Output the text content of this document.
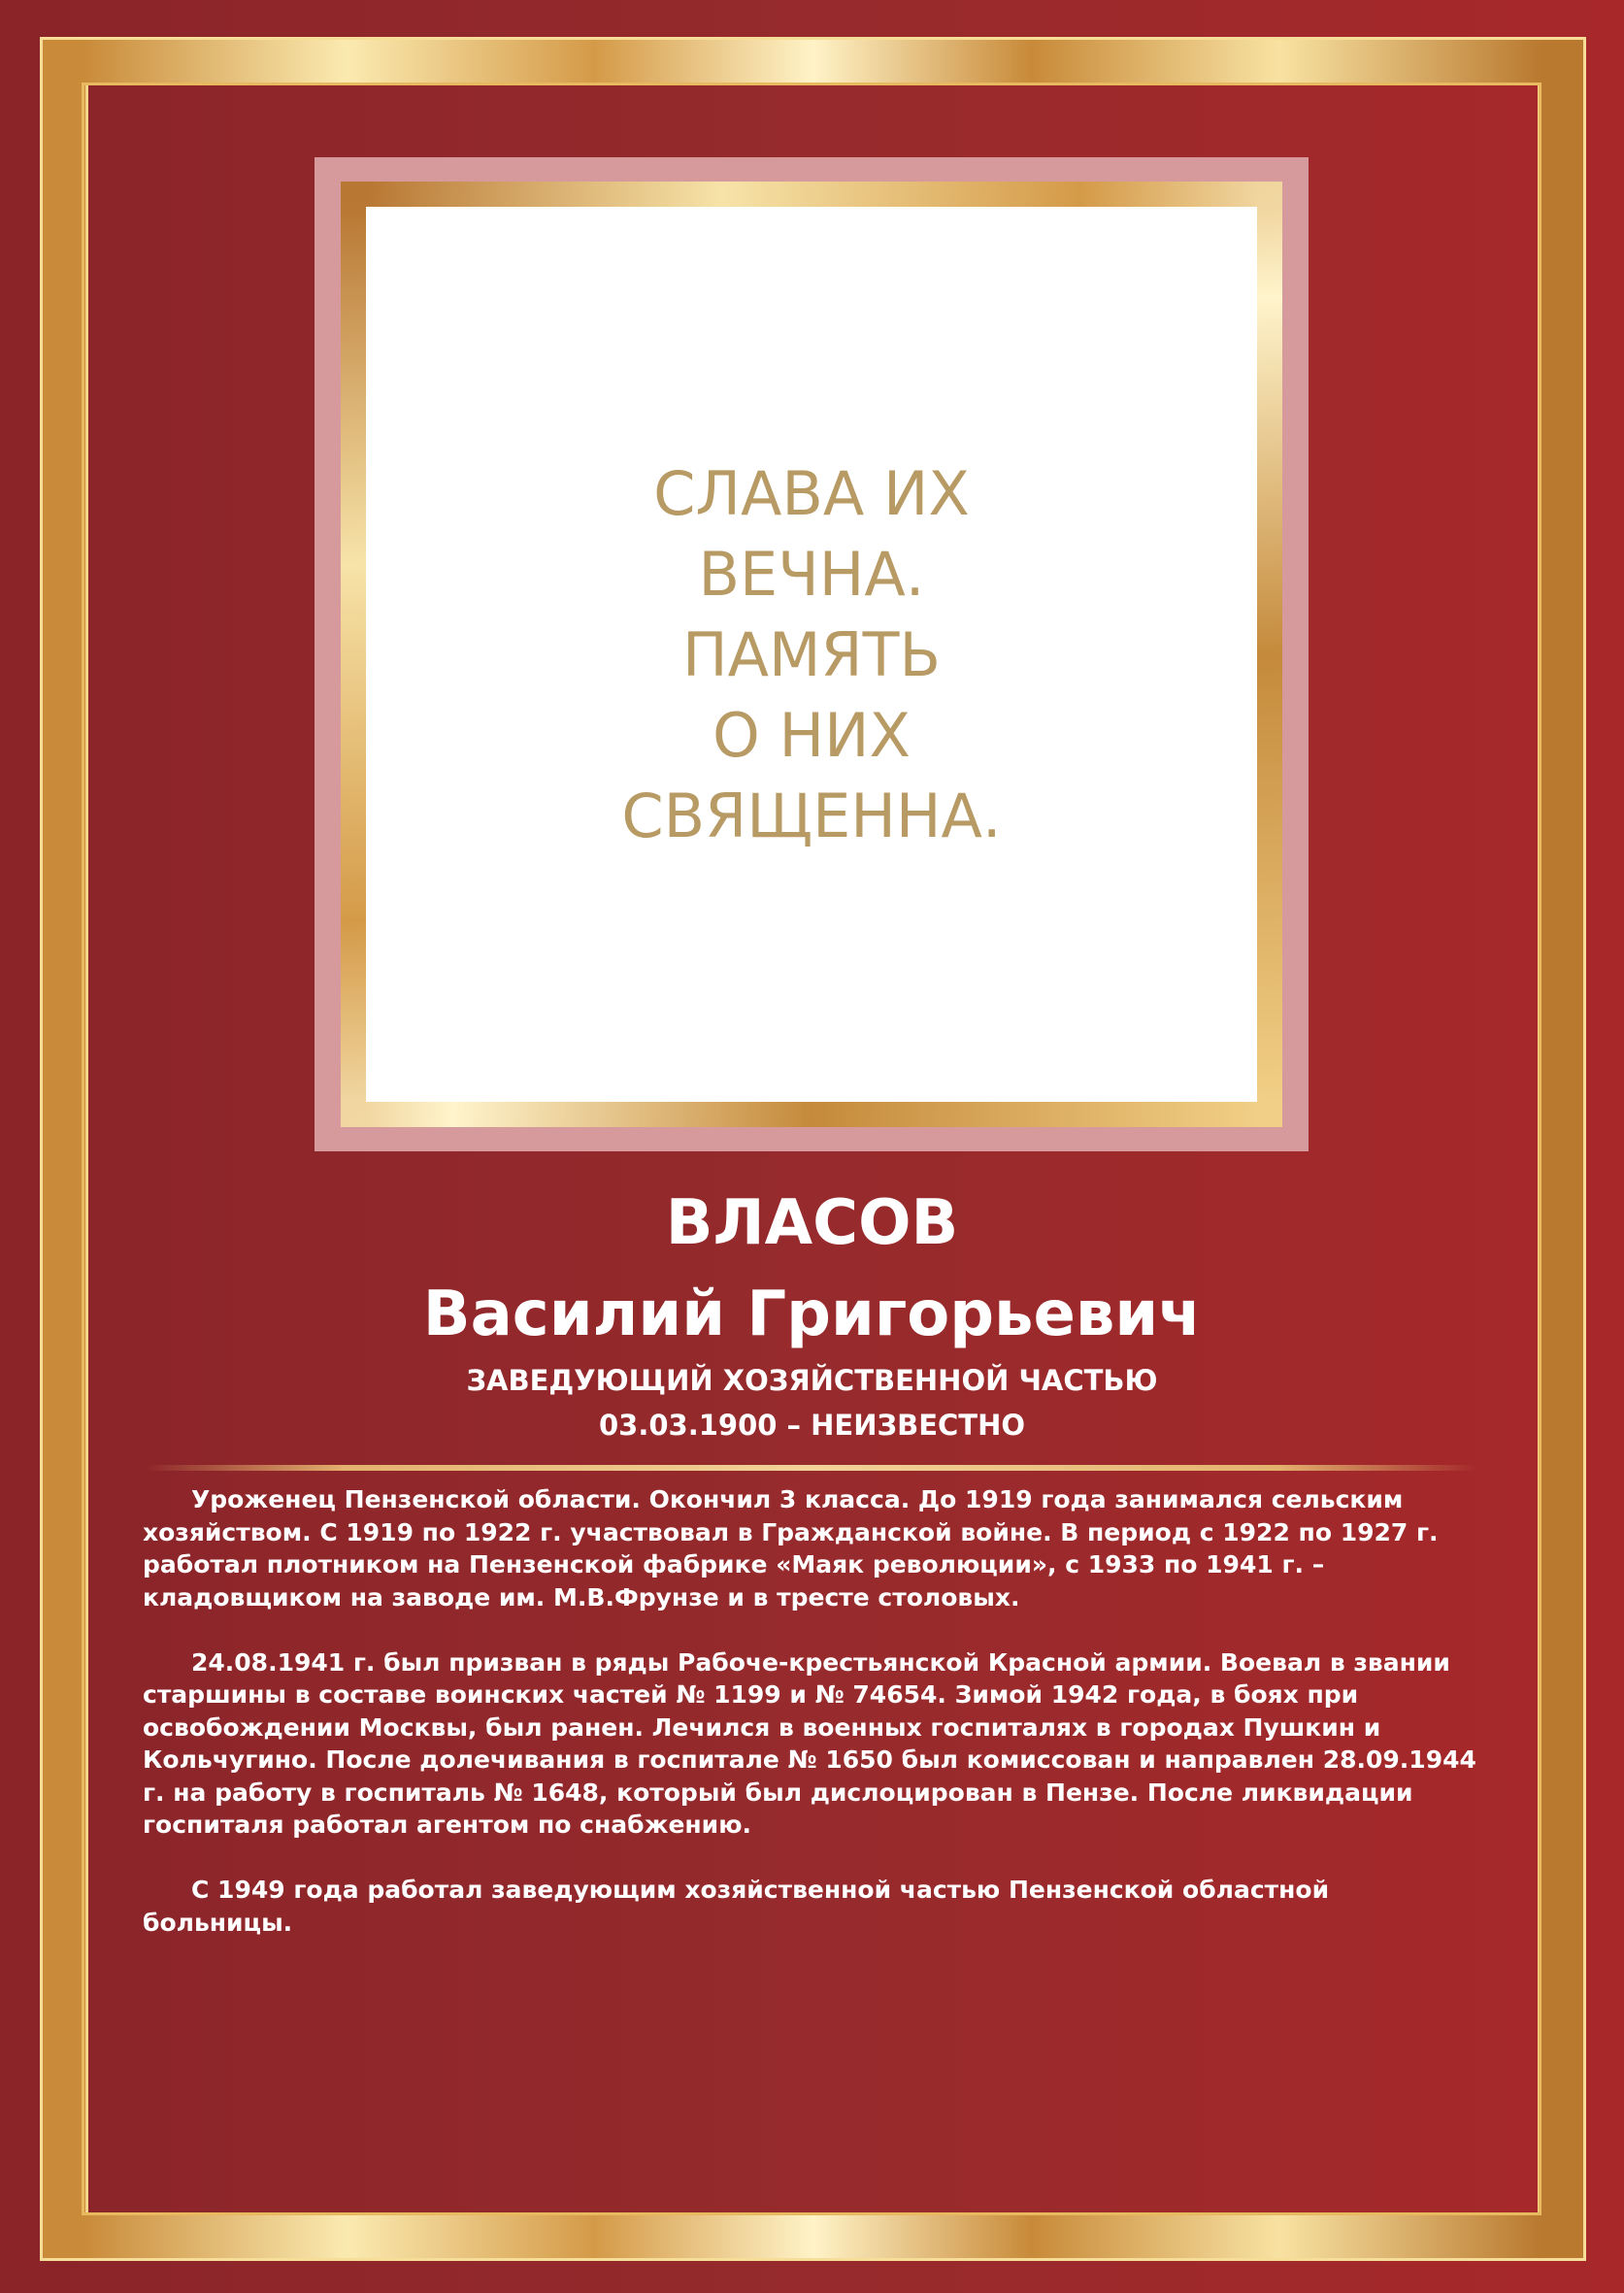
СЛАВА ИХ
ВЕЧНА.
ПАМЯТЬ
О НИХ
СВЯЩЕННА.
ВЛАСОВ
Василий Григорьевич
ЗАВЕДУЮЩИЙ ХОЗЯЙСТВЕННОЙ ЧАСТЬЮ
03.03.1900 – НЕИЗВЕСТНО

Уроженец Пензенской области. Окончил 3 класса. До 1919 года занимался сельским хозяйством. С 1919 по 1922 г. участвовал в Гражданской войне. В период с 1922 по 1927 г. работал плотником на Пензенской фабрике «Маяк революции», с 1933 по 1941 г. – кладовщиком на заводе им. М.В.Фрунзе и в тресте столовых.

24.08.1941 г. был призван в ряды Рабоче-крестьянской Красной армии. Воевал в звании старшины в составе воинских частей № 1199 и № 74654. Зимой 1942 года, в боях при освобождении Москвы, был ранен. Лечился в военных госпиталях в городах Пушкин и Кольчугино. После долечивания в госпитале № 1650 был комиссован и направлен 28.09.1944 г. на работу в госпиталь № 1648, который был дислоцирован в Пензе. После ликвидации госпиталя работал агентом по снабжению.

С 1949 года работал заведующим хозяйственной частью Пензенской областной больницы.
